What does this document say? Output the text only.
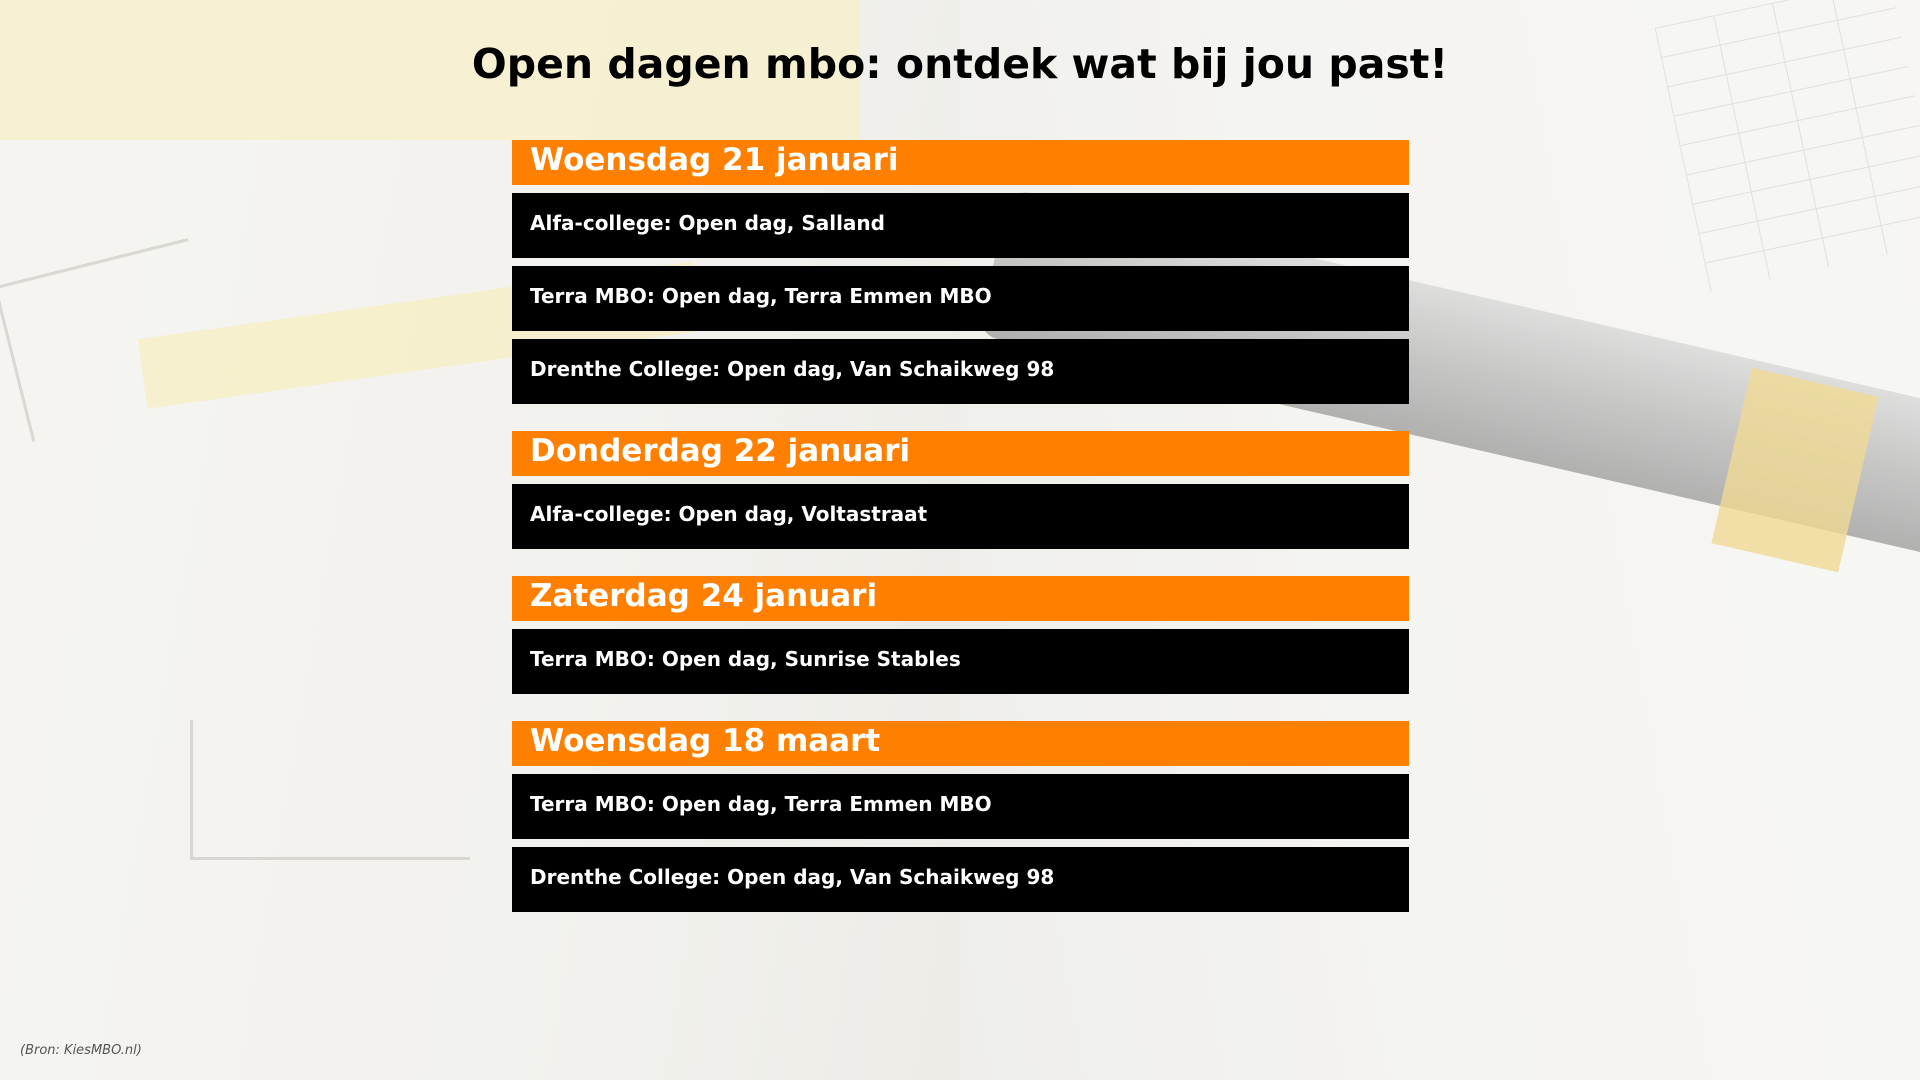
Open dagen mbo: ontdek wat bij jou past!
Woensdag 21 januari
Alfa-college: Open dag, Salland
Terra MBO: Open dag, Terra Emmen MBO
Drenthe College: Open dag, Van Schaikweg 98
Donderdag 22 januari
Alfa-college: Open dag, Voltastraat
Zaterdag 24 januari
Terra MBO: Open dag, Sunrise Stables
Woensdag 18 maart
Terra MBO: Open dag, Terra Emmen MBO
Drenthe College: Open dag, Van Schaikweg 98
(Bron: KiesMBO.nl)
